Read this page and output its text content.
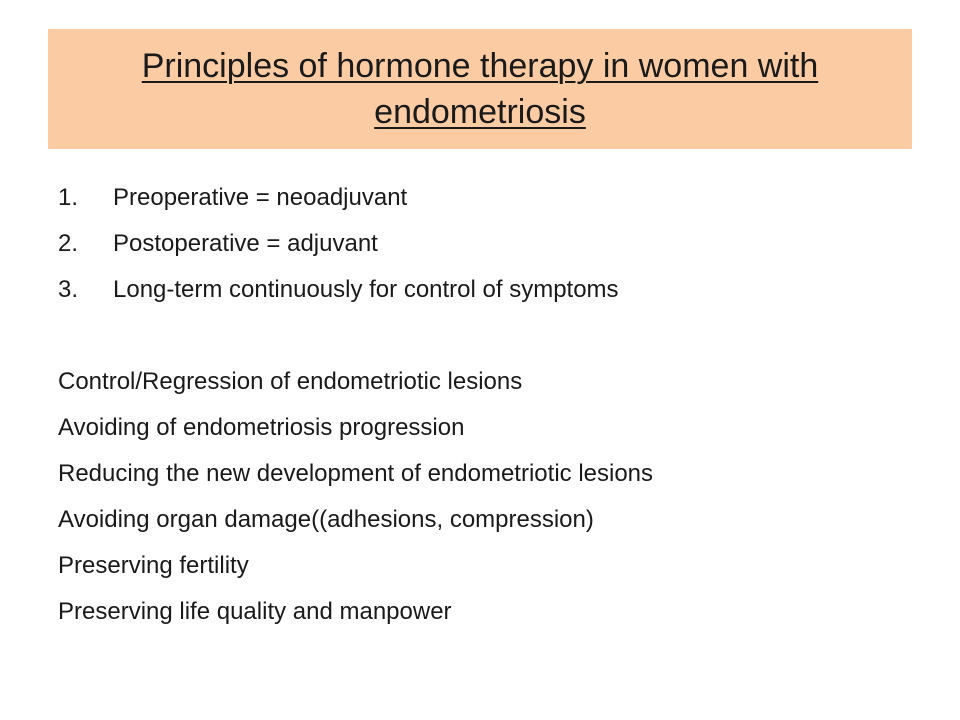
Principles of hormone therapy in women with endometriosis
1.	Preoperative = neoadjuvant
2.	Postoperative = adjuvant
3.	Long-term continuously for control of symptoms
Control/Regression of endometriotic lesions
Avoiding of endometriosis progression
Reducing the new development of endometriotic lesions
Avoiding organ damage((adhesions, compression)
Preserving fertility
Preserving life quality and manpower
